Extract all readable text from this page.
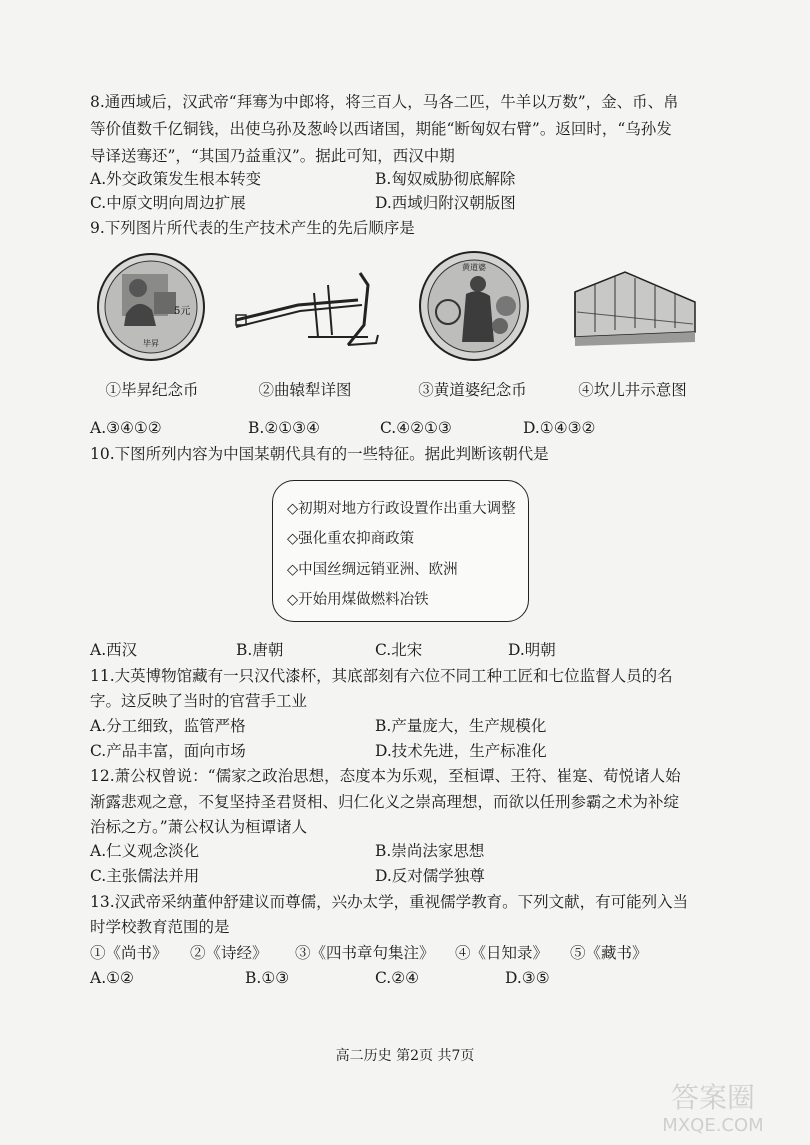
8.通西域后，汉武帝“拜骞为中郎将，将三百人，马各二匹，牛羊以万数”，金、币、帛
等价值数千亿铜钱，出使乌孙及葱岭以西诸国，期能“断匈奴右臂”。返回时，“乌孙发
导译送骞还”，“其国乃益重汉”。据此可知，西汉中期
A.外交政策发生根本转变	B.匈奴威胁彻底解除
C.中原文明向周边扩展	D.西域归附汉朝版图
9.下列图片所代表的生产技术产生的先后顺序是
5元
毕昇
黄道婆
①毕昇纪念币	②曲辕犁详图	③黄道婆纪念币	④坎儿井示意图
A.③④①②	B.②①③④	C.④②①③	D.①④③②
10.下图所列内容为中国某朝代具有的一些特征。据此判断该朝代是
◇初期对地方行政设置作出重大调整
◇强化重农抑商政策
◇中国丝绸远销亚洲、欧洲
◇开始用煤做燃料冶铁
A.西汉	B.唐朝	C.北宋	D.明朝
11.大英博物馆藏有一只汉代漆杯，其底部刻有六位不同工种工匠和七位监督人员的名
字。这反映了当时的官营手工业
A.分工细致，监管严格	B.产量庞大，生产规模化
C.产品丰富，面向市场	D.技术先进，生产标准化
12.萧公权曾说：“儒家之政治思想，态度本为乐观，至桓谭、王符、崔寔、荀悦诸人始
渐露悲观之意，不复坚持圣君贤相、归仁化义之崇高理想，而欲以任刑参霸之术为补绽
治标之方。”萧公权认为桓谭诸人
A.仁义观念淡化	B.崇尚法家思想
C.主张儒法并用	D.反对儒学独尊
13.汉武帝采纳董仲舒建议而尊儒，兴办太学，重视儒学教育。下列文献，有可能列入当
时学校教育范围的是
①《尚书》 ②《诗经》 ③《四书章句集注》 ④《日知录》 ⑤《藏书》
A.①②	B.①③	C.②④	D.③⑤
高二历史 第2页 共7页
答案圈
MXQE.COM
